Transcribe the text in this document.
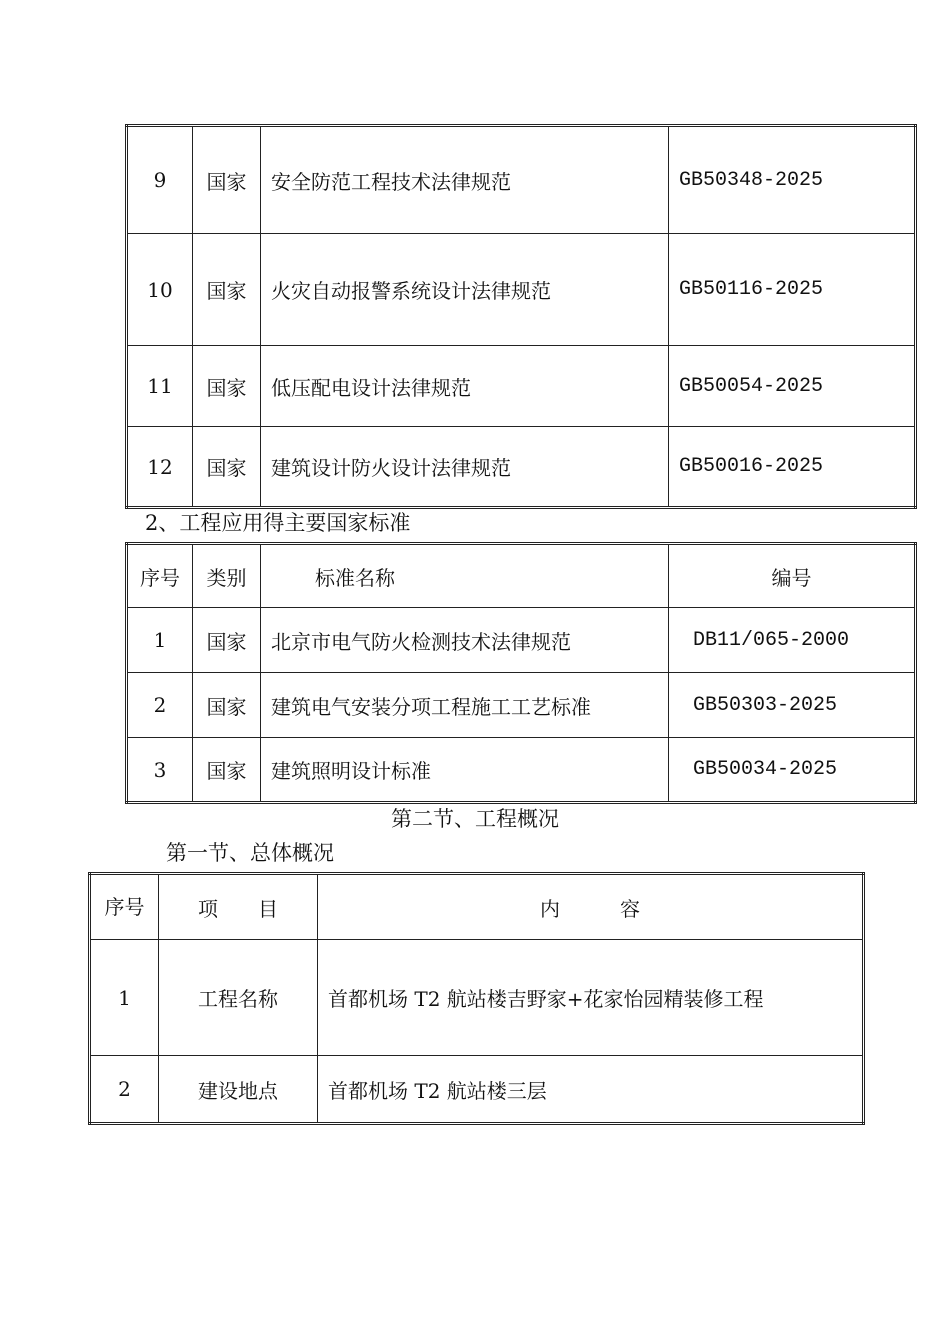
9	国家	安全防范工程技术法律规范	GB50348-2025
10	国家	火灾自动报警系统设计法律规范	GB50116-2025
11	国家	低压配电设计法律规范	GB50054-2025
12	国家	建筑设计防火设计法律规范	GB50016-2025
2、工程应用得主要国家标准
序号	类别	标准名称	编号
1	国家	北京市电气防火检测技术法律规范	DB11/065-2000
2	国家	建筑电气安装分项工程施工工艺标准	GB50303-2025
3	国家	建筑照明设计标准	GB50034-2025
第二节、工程概况
第一节、总体概况
序号	项　　目	内　　　容
1	工程名称	首都机场 T2 航站楼吉野家+花家怡园精装修工程
2	建设地点	首都机场 T2 航站楼三层
